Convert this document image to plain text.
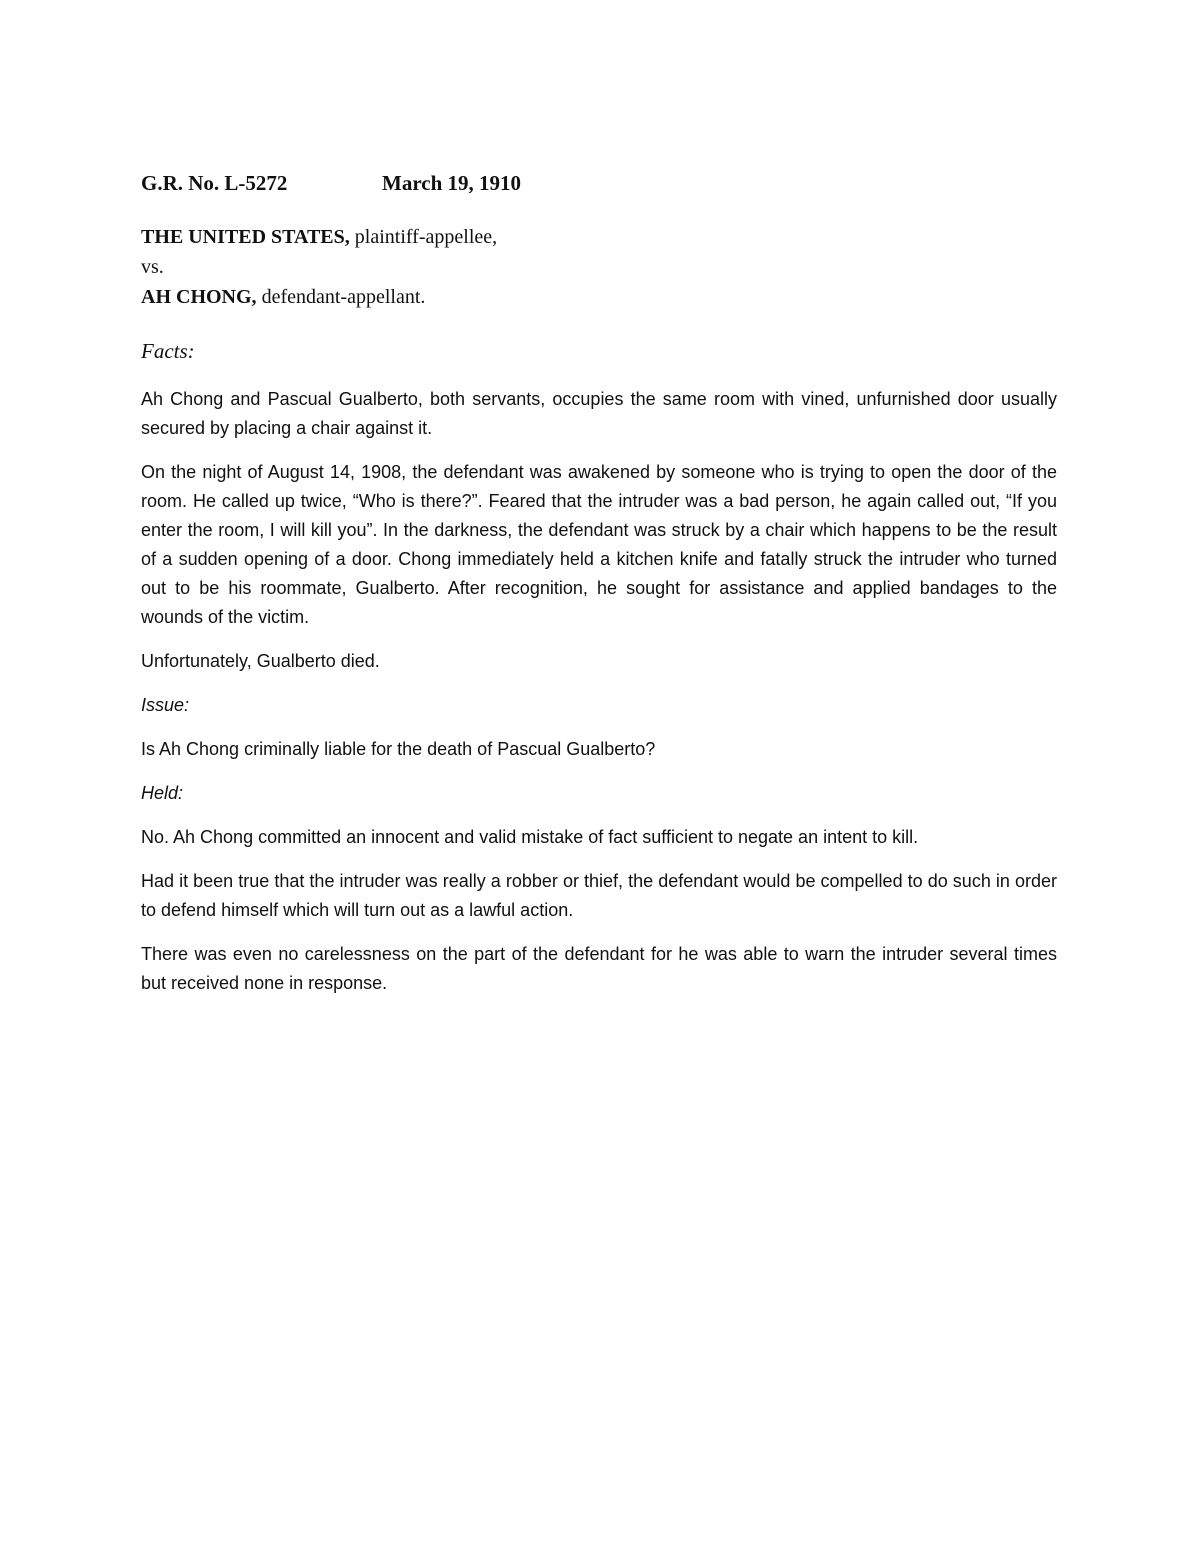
G.R. No. L-5272	March 19, 1910
THE UNITED STATES, plaintiff-appellee,
vs.
AH CHONG, defendant-appellant.
Facts:

Ah Chong and Pascual Gualberto, both servants, occupies the same room with vined, unfurnished door usually secured by placing a chair against it.

On the night of August 14, 1908, the defendant was awakened by someone who is trying to open the door of the room. He called up twice, “Who is there?”. Feared that the intruder was a bad person, he again called out, “If you enter the room, I will kill you”. In the darkness, the defendant was struck by a chair which happens to be the result of a sudden opening of a door. Chong immediately held a kitchen knife and fatally struck the intruder who turned out to be his roommate, Gualberto. After recognition, he sought for assistance and applied bandages to the wounds of the victim.

Unfortunately, Gualberto died.

Issue:

Is Ah Chong criminally liable for the death of Pascual Gualberto?

Held:

No. Ah Chong committed an innocent and valid mistake of fact sufficient to negate an intent to kill.

Had it been true that the intruder was really a robber or thief, the defendant would be compelled to do such in order to defend himself which will turn out as a lawful action.

There was even no carelessness on the part of the defendant for he was able to warn the intruder several times but received none in response.
